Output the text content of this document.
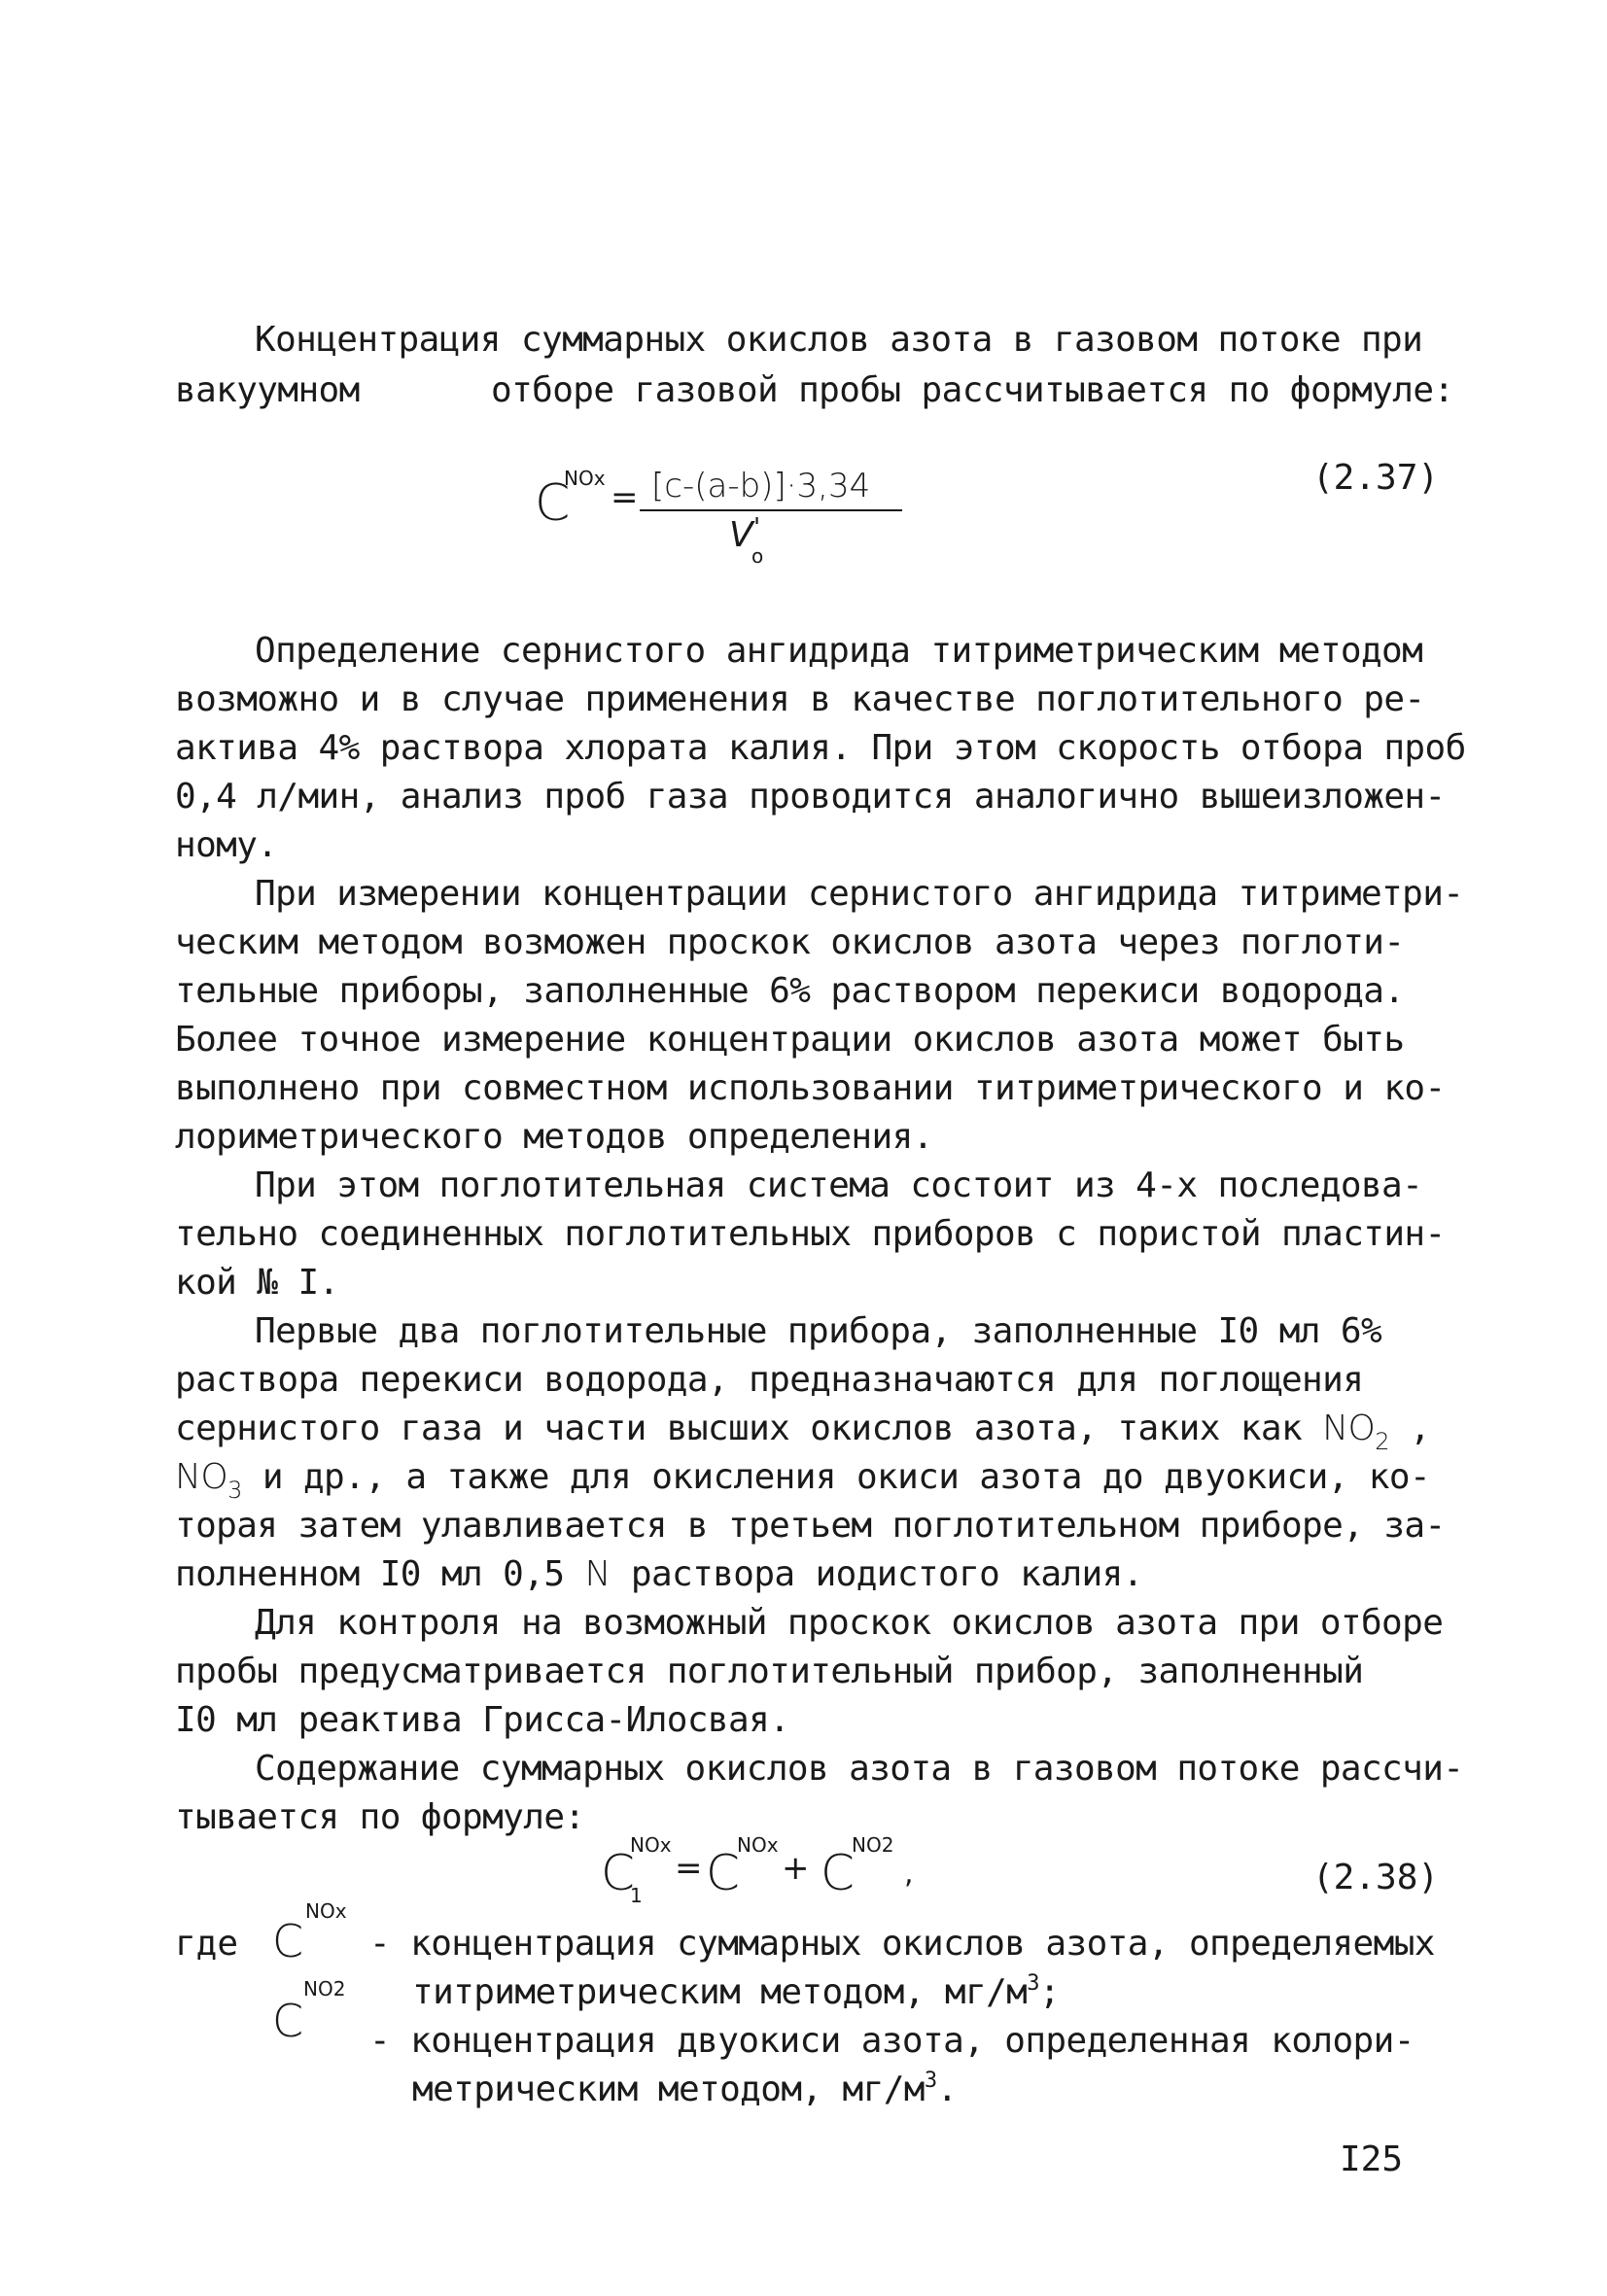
Концентрация суммарных окислов азота в газовом потоке при
вакуумном	отборе газовой пробы рассчитывается по формуле:
C
NOx = [c-(a-b)]·3,34
V '
o
(2.37)
Определение сернистого ангидрида титриметрическим методом
возможно и в случае применения в качестве поглотительного ре-
актива 4% раствора хлората калия. При этом скорость отбора проб
0,4 л/мин, анализ проб газа проводится аналогично вышеизложен-
ному.
При измерении концентрации сернистого ангидрида титриметри-
ческим методом возможен проскок окислов азота через поглоти-
тельные приборы, заполненные 6% раствором перекиси водорода.
Более точное измерение концентрации окислов азота может быть
выполнено при совместном использовании титриметрического и ко-
лориметрического методов определения.
При этом поглотительная система состоит из 4-х последова-
тельно соединенных поглотительных приборов с пористой пластин-
кой № I.
Первые два поглотительные прибора, заполненные I0 мл 6%
раствора перекиси водорода, предназначаются для поглощения
сернистого газа и части высших окислов азота, таких как $NO_2$ ,
$NO_3$ и др., а также для окисления окиси азота до двуокиси, ко-
торая затем улавливается в третьем поглотительном приборе, за-
полненном I0 мл 0,5 N раствора иодистого калия.
Для контроля на возможный проскок окислов азота при отборе
пробы предусматривается поглотительный прибор, заполненный
I0 мл реактива Грисса-Илосвая.
Содержание суммарных окислов азота в газовом потоке рассчи-
тывается по формуле:
C
NOx
1
= C
NOx
+ C
NO2
,	(2.38)
где C
NOx
- концентрация суммарных окислов азота, определяемых
титриметрическим методом, $мг/м^3$;
C
NO2
- концентрация двуокиси азота, определенная колори-
метрическим методом, $мг/м^3$.
I25
